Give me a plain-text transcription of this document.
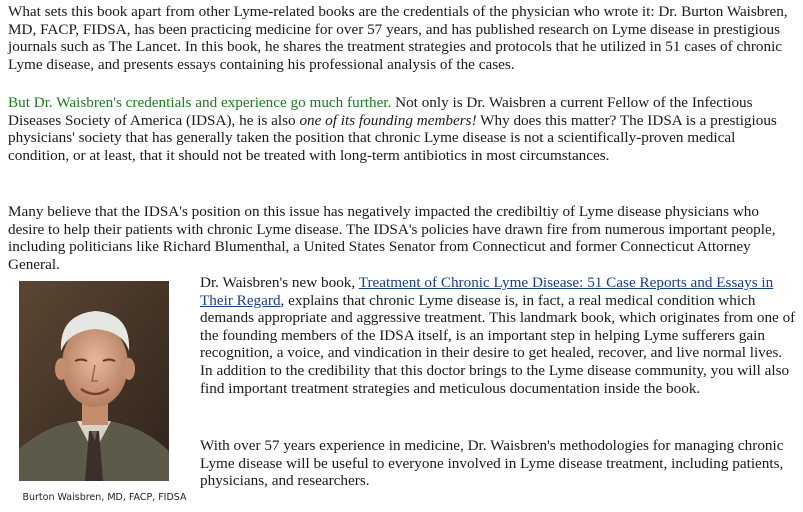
What sets this book apart from other Lyme-related books are the credentials of the physician who wrote it: Dr. Burton Waisbren, MD, FACP, FIDSA, has been practicing medicine for over 57 years, and has published research on Lyme disease in prestigious journals such as The Lancet. In this book, he shares the treatment strategies and protocols that he utilized in 51 cases of chronic Lyme disease, and presents essays containing his professional analysis of the cases.

But Dr. Waisbren's credentials and experience go much further. Not only is Dr. Waisbren a current Fellow of the Infectious Diseases Society of America (IDSA), he is also one of its founding members! Why does this matter? The IDSA is a prestigious physicians' society that has generally taken the position that chronic Lyme disease is not a scientifically-proven medical condition, or at least, that it should not be treated with long-term antibiotics in most circumstances.

Many believe that the IDSA's position on this issue has negatively impacted the credibiltiy of Lyme disease physicians who desire to help their patients with chronic Lyme disease. The IDSA's policies have drawn fire from numerous important people, including politicians like Richard Blumenthal, a United States Senator from Connecticut and former Connecticut Attorney General.

Burton Waisbren, MD, FACP, FIDSA

Dr. Waisbren's new book, Treatment of Chronic Lyme Disease: 51 Case Reports and Essays in Their Regard, explains that chronic Lyme disease is, in fact, a real medical condition which demands appropriate and aggressive treatment. This landmark book, which originates from one of the founding members of the IDSA itself, is an important step in helping Lyme sufferers gain recognition, a voice, and vindication in their desire to get healed, recover, and live normal lives. In addition to the credibility that this doctor brings to the Lyme disease community, you will also find important treatment strategies and meticulous documentation inside the book.

With over 57 years experience in medicine, Dr. Waisbren's methodologies for managing chronic Lyme disease will be useful to everyone involved in Lyme disease treatment, including patients, physicians, and researchers.
